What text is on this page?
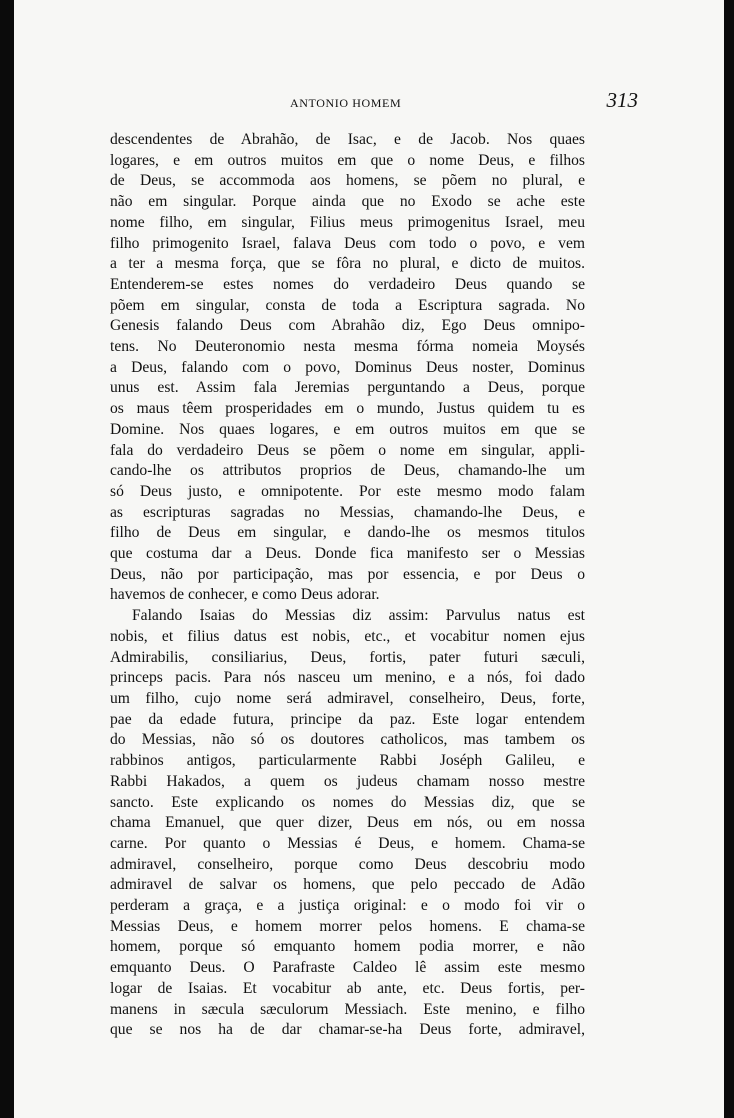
ANTONIO HOMEM	313
descendentes de Abrahão, de Isac, e de Jacob. Nos quaes
logares, e em outros muitos em que o nome Deus, e filhos
de Deus, se accommoda aos homens, se põem no plural, e
não em singular. Porque ainda que no Exodo se ache este
nome filho, em singular, Filius meus primogenitus Israel, meu
filho primogenito Israel, falava Deus com todo o povo, e vem
a ter a mesma força, que se fôra no plural, e dicto de muitos.
Entenderem-se estes nomes do verdadeiro Deus quando se
põem em singular, consta de toda a Escriptura sagrada. No
Genesis falando Deus com Abrahão diz, Ego Deus omnipo-
tens. No Deuteronomio nesta mesma fórma nomeia Moysés
a Deus, falando com o povo, Dominus Deus noster, Dominus
unus est. Assim fala Jeremias perguntando a Deus, porque
os maus têem prosperidades em o mundo, Justus quidem tu es
Domine. Nos quaes logares, e em outros muitos em que se
fala do verdadeiro Deus se põem o nome em singular, appli-
cando-lhe os attributos proprios de Deus, chamando-lhe um
só Deus justo, e omnipotente. Por este mesmo modo falam
as escripturas sagradas no Messias, chamando-lhe Deus, e
filho de Deus em singular, e dando-lhe os mesmos titulos
que costuma dar a Deus. Donde fica manifesto ser o Messias
Deus, não por participação, mas por essencia, e por Deus o
havemos de conhecer, e como Deus adorar.
Falando Isaias do Messias diz assim: Parvulus natus est
nobis, et filius datus est nobis, etc., et vocabitur nomen ejus
Admirabilis, consiliarius, Deus, fortis, pater futuri sæculi,
princeps pacis. Para nós nasceu um menino, e a nós, foi dado
um filho, cujo nome será admiravel, conselheiro, Deus, forte,
pae da edade futura, principe da paz. Este logar entendem
do Messias, não só os doutores catholicos, mas tambem os
rabbinos antigos, particularmente Rabbi Joséph Galileu, e
Rabbi Hakados, a quem os judeus chamam nosso mestre
sancto. Este explicando os nomes do Messias diz, que se
chama Emanuel, que quer dizer, Deus em nós, ou em nossa
carne. Por quanto o Messias é Deus, e homem. Chama-se
admiravel, conselheiro, porque como Deus descobriu modo
admiravel de salvar os homens, que pelo peccado de Adão
perderam a graça, e a justiça original: e o modo foi vir o
Messias Deus, e homem morrer pelos homens. E chama-se
homem, porque só emquanto homem podia morrer, e não
emquanto Deus. O Parafraste Caldeo lê assim este mesmo
logar de Isaias. Et vocabitur ab ante, etc. Deus fortis, per-
manens in sæcula sæculorum Messiach. Este menino, e filho
que se nos ha de dar chamar-se-ha Deus forte, admiravel,
